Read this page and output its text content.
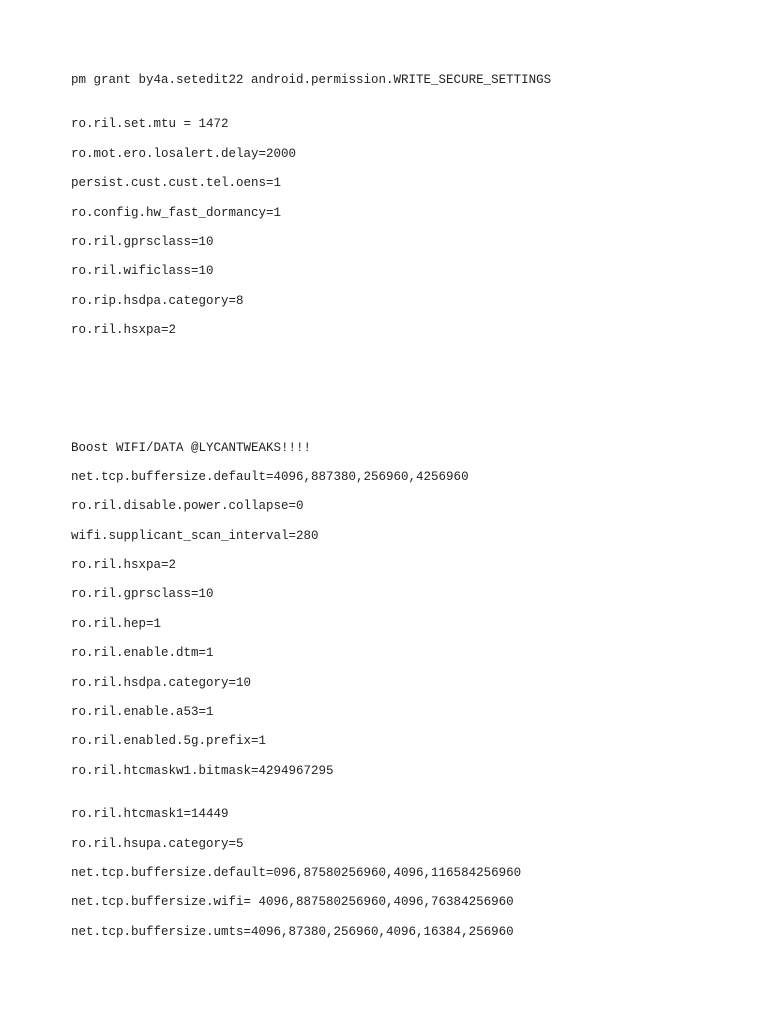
pm grant by4a.setedit22 android.permission.WRITE_SECURE_SETTINGS
ro.ril.set.mtu = 1472
ro.mot.ero.losalert.delay=2000
persist.cust.cust.tel.oens=1
ro.config.hw_fast_dormancy=1
ro.ril.gprsclass=10
ro.ril.wificlass=10
ro.rip.hsdpa.category=8
ro.ril.hsxpa=2
Boost WIFI/DATA @LYCANTWEAKS!!!!
net.tcp.buffersize.default=4096,887380,256960,4256960
ro.ril.disable.power.collapse=0
wifi.supplicant_scan_interval=280
ro.ril.hsxpa=2
ro.ril.gprsclass=10
ro.ril.hep=1
ro.ril.enable.dtm=1
ro.ril.hsdpa.category=10
ro.ril.enable.a53=1
ro.ril.enabled.5g.prefix=1
ro.ril.htcmaskw1.bitmask=4294967295
ro.ril.htcmask1=14449
ro.ril.hsupa.category=5
net.tcp.buffersize.default=096,87580256960,4096,116584256960
net.tcp.buffersize.wifi= 4096,887580256960,4096,76384256960
net.tcp.buffersize.umts=4096,87380,256960,4096,16384,256960
